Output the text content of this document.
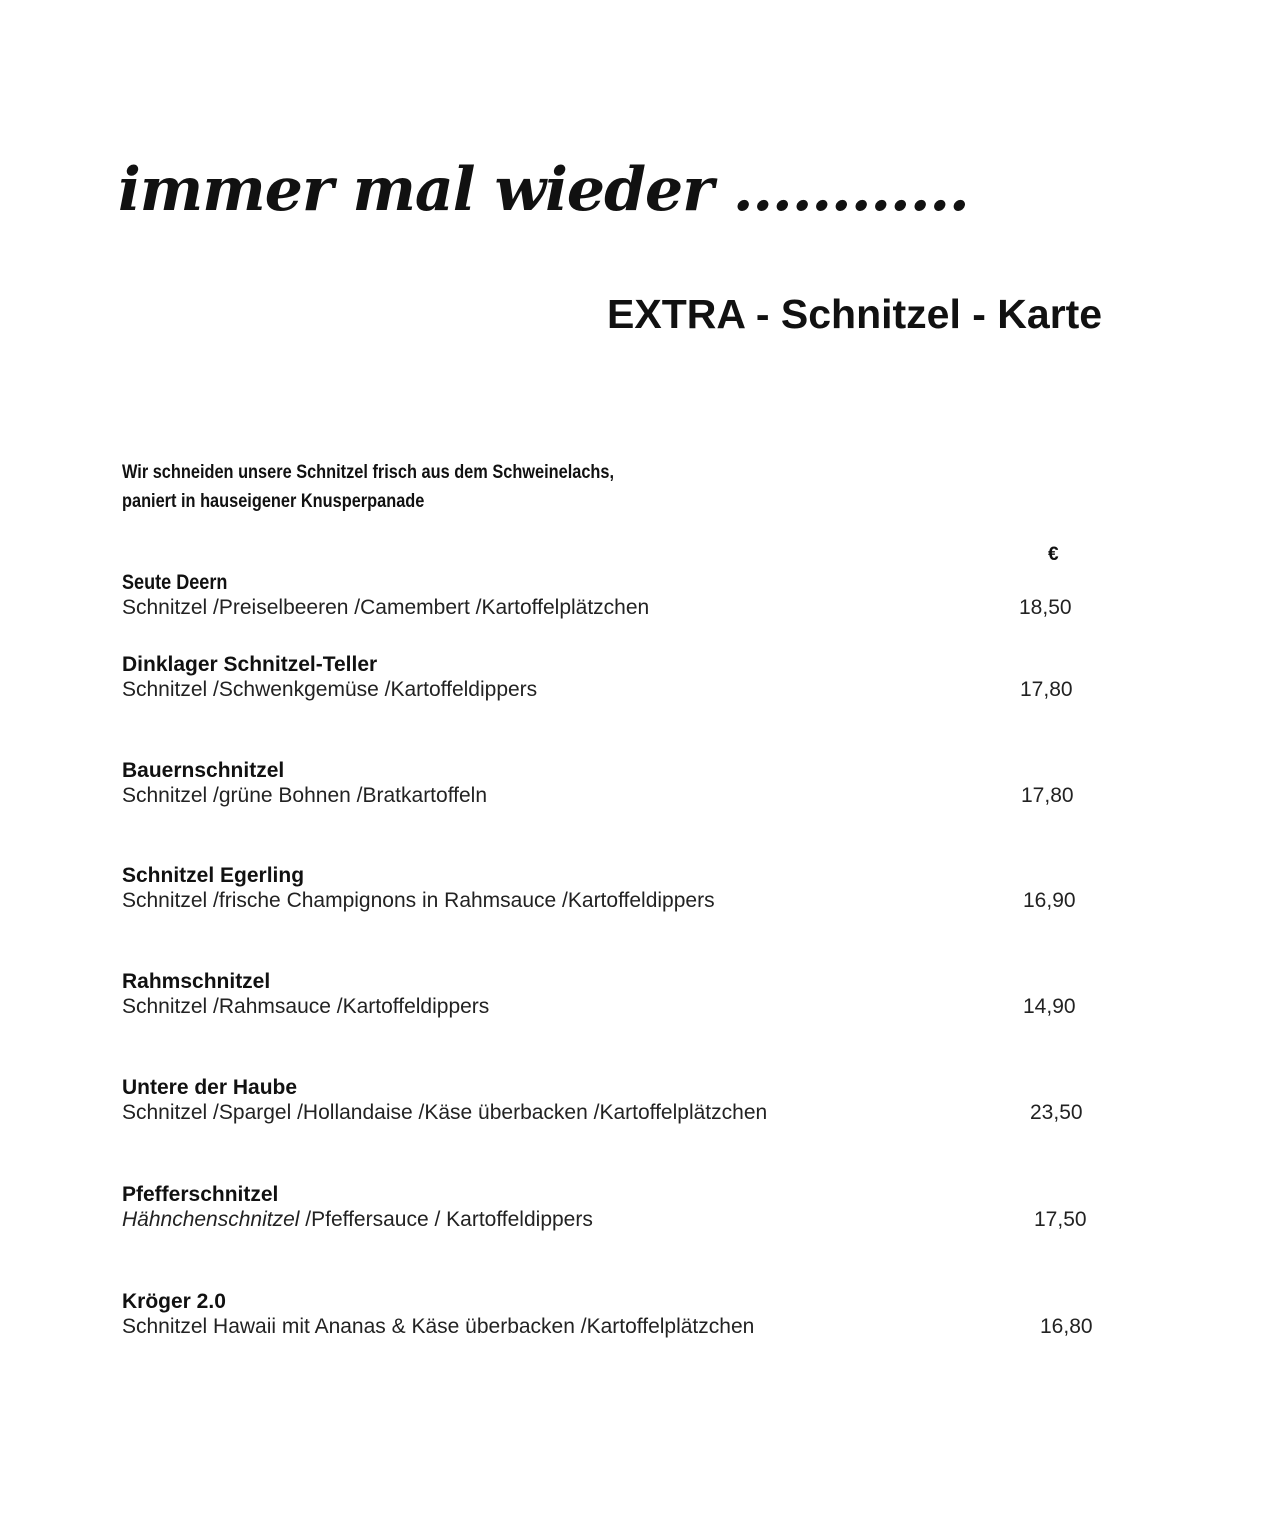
immer mal wieder …………
EXTRA - Schnitzel - Karte
Wir schneiden unsere Schnitzel frisch aus dem Schweinelachs,
paniert in hauseigener Knusperpanade
€
Seute Deern
Schnitzel /Preiselbeeren /Camembert /Kartoffelplätzchen	18,50
Dinklager Schnitzel-Teller
Schnitzel /Schwenkgemüse /Kartoffeldippers	17,80
Bauernschnitzel
Schnitzel /grüne Bohnen /Bratkartoffeln	17,80
Schnitzel Egerling
Schnitzel /frische Champignons in Rahmsauce /Kartoffeldippers	16,90
Rahmschnitzel
Schnitzel /Rahmsauce /Kartoffeldippers	14,90
Untere der Haube
Schnitzel /Spargel /Hollandaise /Käse überbacken /Kartoffelplätzchen	23,50
Pfefferschnitzel
Hähnchenschnitzel /Pfeffersauce / Kartoffeldippers	17,50
Kröger 2.0
Schnitzel Hawaii mit Ananas & Käse überbacken /Kartoffelplätzchen	16,80
